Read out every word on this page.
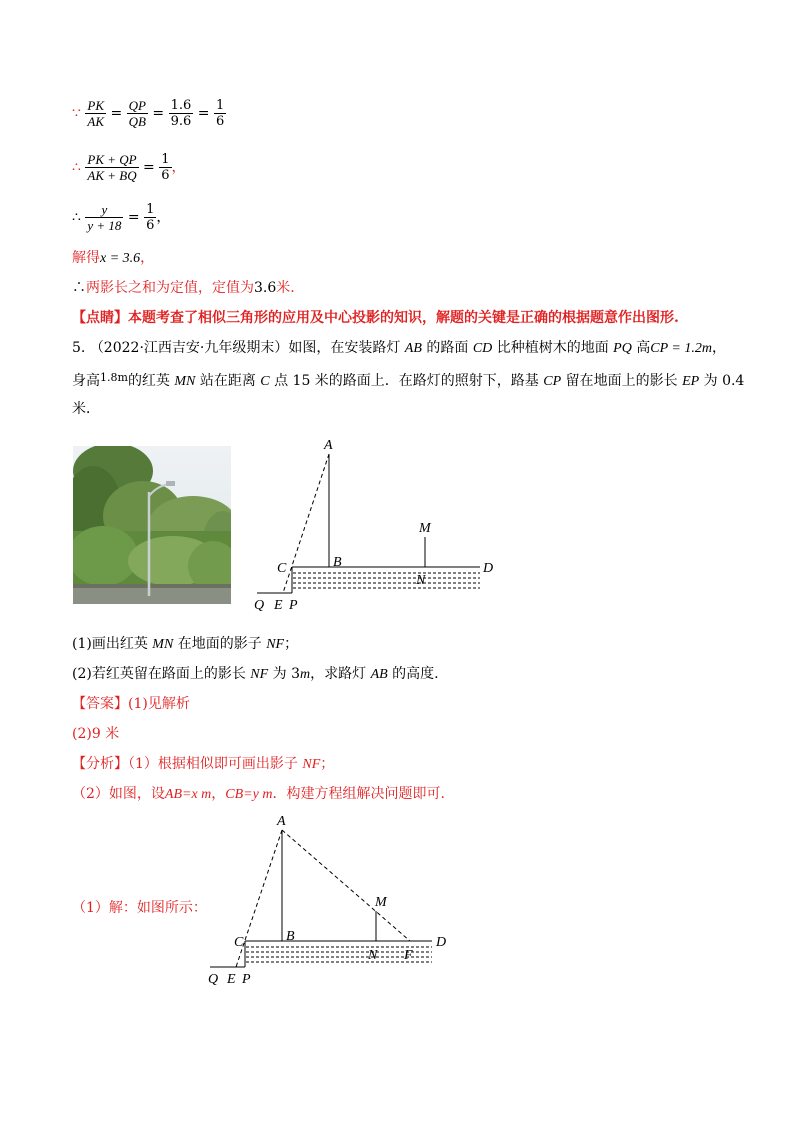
∵ $\frac{PK}{AK} = \frac{QP}{QB} = \frac{1.6}{9.6} = \frac{1}{6}$
∴ $\frac{PK + QP}{AK + BQ} = \frac{1}{6}$ ，
∴ $\frac{y}{y + 18} = \frac{1}{6}$ ，
解得x = 3.6，
∴两影长之和为定值，定值为3.6米.
【点睛】本题考查了相似三角形的应用及中心投影的知识，解题的关键是正确的根据题意作出图形.
5. （2022·江西吉安·九年级期末）如图，在安装路灯 AB 的路面 CD 比种植树木的地面 PQ 高CP = 1.2m，
身高$^{1.8m}$的红英 MN 站在距离 C 点 15 米的路面上．在路灯的照射下，路基 CP 留在地面上的影长 EP 为 0.4
米．
A
M
C	B
N
D
Q E P
(1)画出红英 MN 在地面的影子 NF；
(2)若红英留在路面上的影长 NF 为 3m，求路灯 AB 的高度.
【答案】(1)见解析
(2)9 米
【分析】（1）根据相似即可画出影子 NF；
（2）如图，设AB=x m，CB=y m．构建方程组解决问题即可.
（1）解：如图所示：
A
M
C	B
N F
D
Q E P
